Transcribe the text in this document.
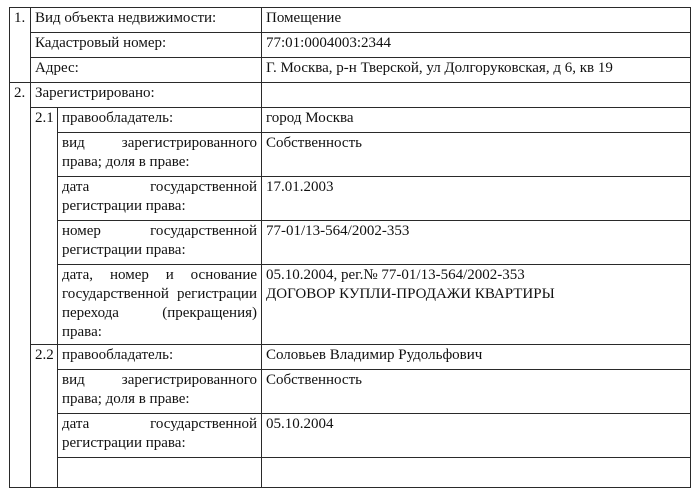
1.	Вид объекта недвижимости:		Помещение
	Кадастровый номер:		77:01:0004003:2344
	Адрес:		Г. Москва, р-н Тверской, ул Долгоруковская, д 6, кв 19
2.	Зарегистрировано:		
	2.1	правообладатель:	город Москва
		вид зарегистрированного права; доля в праве:	Собственность
		дата государственной регистрации права:	17.01.2003
		номер государственной регистрации права:	77-01/13-564/2002-353
		дата, номер и основание государственной регистрации перехода (прекращения) права:	05.10.2004, рег.№ 77-01/13-564/2002-353
ДОГОВОР КУПЛИ-ПРОДАЖИ КВАРТИРЫ

	2.2	правообладатель:	Соловьев Владимир Рудольфович
		вид зарегистрированного права; доля в праве:	Собственность
		дата государственной регистрации права:	05.10.2004
